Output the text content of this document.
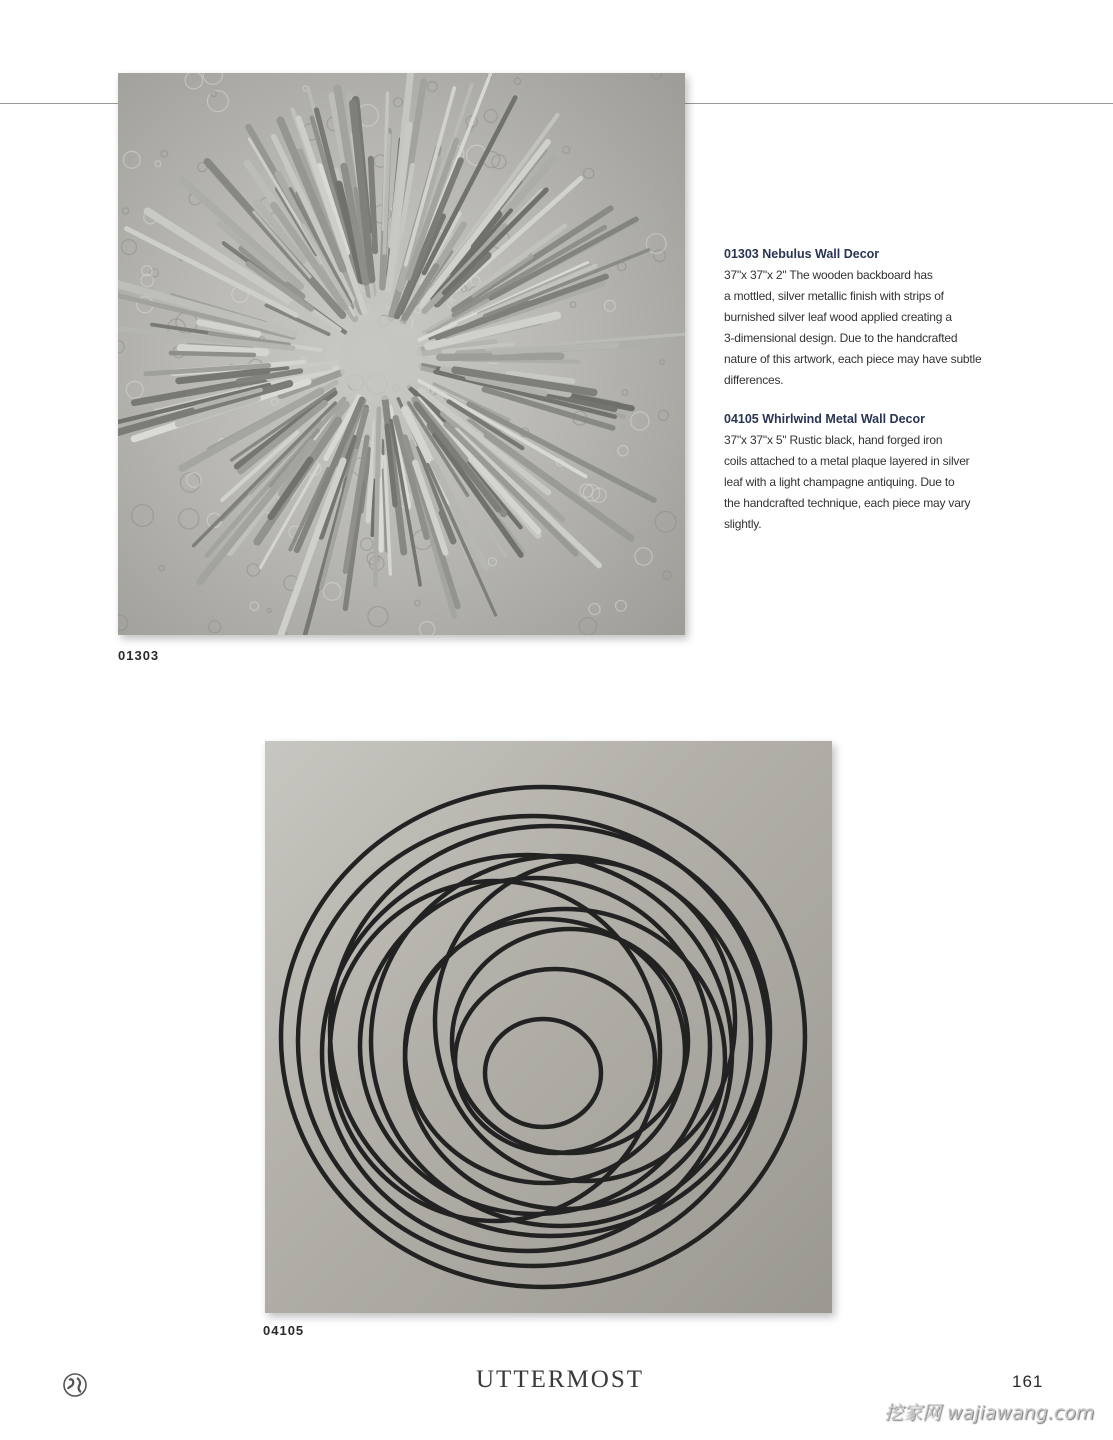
01303
01303 Nebulus Wall Decor
37"x 37"x 2" The wooden backboard has
a mottled, silver metallic finish with strips of
burnished silver leaf wood applied creating a
3-dimensional design. Due to the handcrafted
nature of this artwork, each piece may have subtle
differences.
04105 Whirlwind Metal Wall Decor
37"x 37"x 5" Rustic black, hand forged iron
coils attached to a metal plaque layered in silver
leaf with a light champagne antiquing. Due to
the handcrafted technique, each piece may vary
slightly.
04105
UTTERMOST	161
挖家网 wajiawang.com
